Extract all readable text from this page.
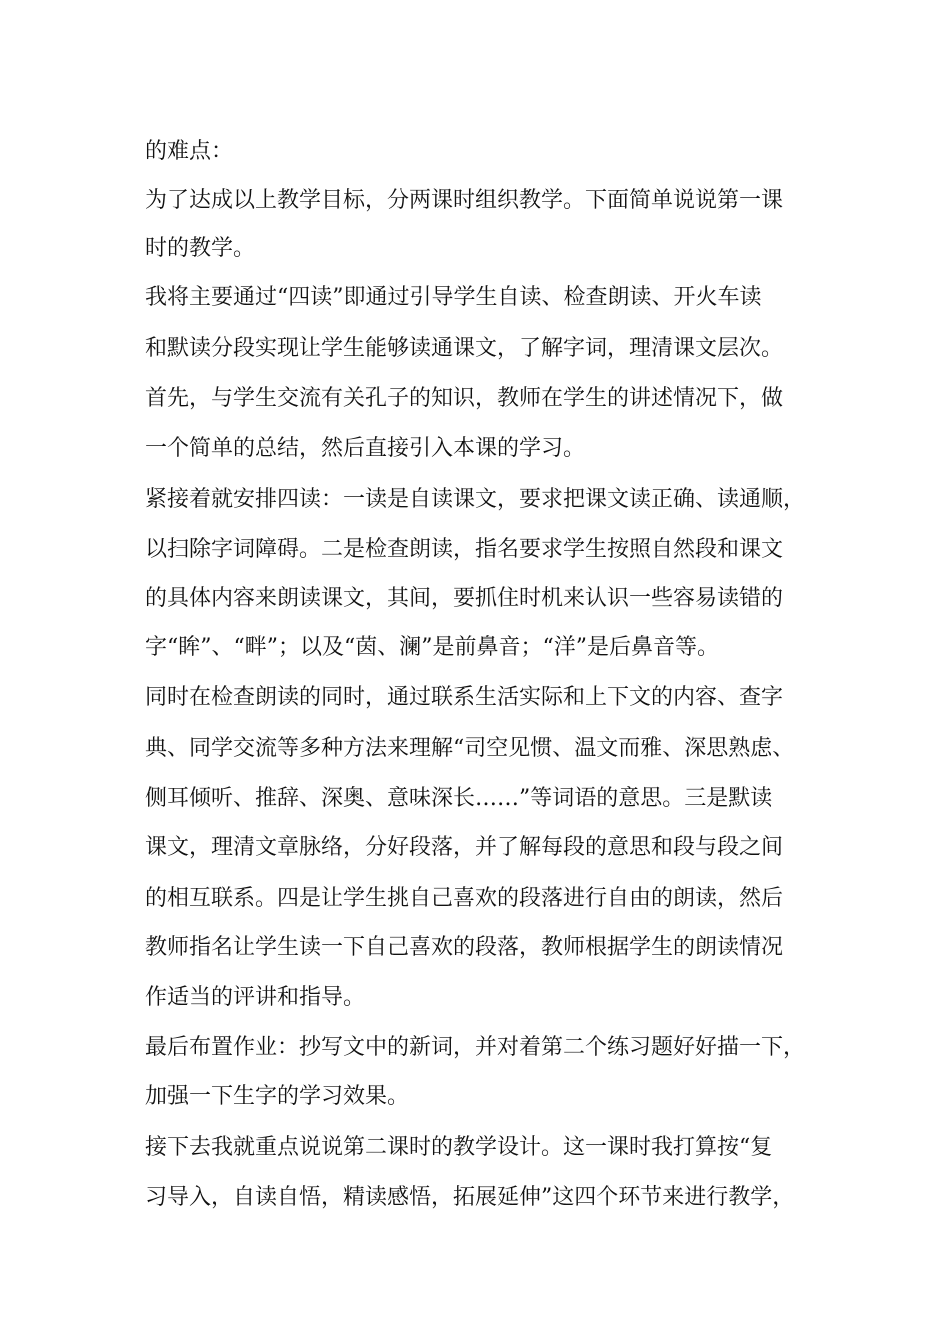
的难点：

为了达成以上教学目标，分两课时组织教学。下面简单说说第一课

时的教学。

我将主要通过“四读”即通过引导学生自读、检查朗读、开火车读

和默读分段实现让学生能够读通课文，了解字词，理清课文层次。

首先，与学生交流有关孔子的知识，教师在学生的讲述情况下，做

一个简单的总结，然后直接引入本课的学习。

紧接着就安排四读：一读是自读课文，要求把课文读正确、读通顺，

以扫除字词障碍。二是检查朗读，指名要求学生按照自然段和课文

的具体内容来朗读课文，其间，要抓住时机来认识一些容易读错的

字“眸”、“畔”；以及“茵、澜”是前鼻音；“洋”是后鼻音等。

同时在检查朗读的同时，通过联系生活实际和上下文的内容、查字

典、同学交流等多种方法来理解“司空见惯、温文而雅、深思熟虑、

侧耳倾听、推辞、深奥、意味深长……”等词语的意思。三是默读

课文，理清文章脉络，分好段落，并了解每段的意思和段与段之间

的相互联系。四是让学生挑自己喜欢的段落进行自由的朗读，然后

教师指名让学生读一下自己喜欢的段落，教师根据学生的朗读情况

作适当的评讲和指导。

最后布置作业：抄写文中的新词，并对着第二个练习题好好描一下，

加强一下生字的学习效果。

接下去我就重点说说第二课时的教学设计。这一课时我打算按“复

习导入，自读自悟，精读感悟，拓展延伸”这四个环节来进行教学，
